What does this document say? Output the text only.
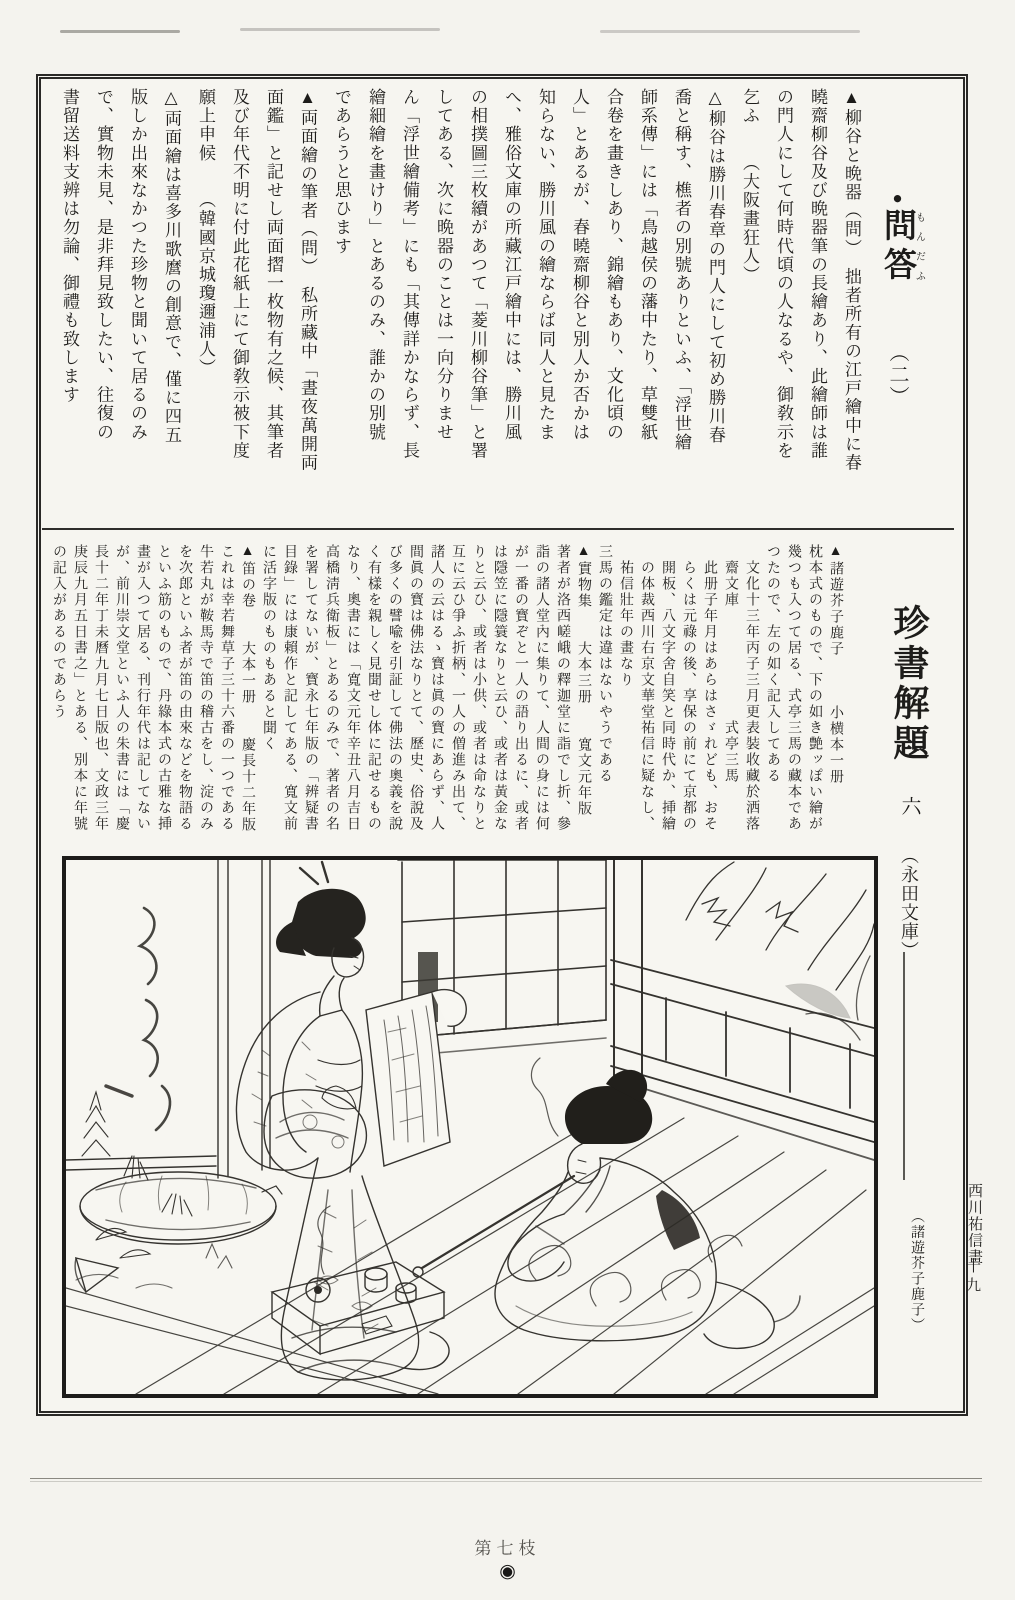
●問答もんだふ（二）

▲柳谷と晩器（問）　拙者所有の江戸繪中に春

曉齋柳谷及び晩器筆の長繪あり、此繪師は誰

の門人にして何時代頃の人なるや、御敎示を

乞ふ　　（大阪畫狂人）

△柳谷は勝川春章の門人にして初め勝川春

喬と稱す、樵者の別號ありといふ、「浮世繪

師系傳」には「鳥越侯の藩中たり、草雙紙

合卷を畫きしあり、錦繪もあり、文化頃の

人」とあるが、春曉齋柳谷と別人か否かは

知らない、勝川風の繪ならば同人と見たま

へ、雅俗文庫の所藏江戸繪中には、勝川風

の相撲圖三枚續があつて「菱川柳谷筆」と署

してある、次に晩器のことは一向分りませ

ん「浮世繪備考」にも「其傳詳かならず、長

繪細繪を畫けり」とあるのみ、誰かの別號

であらうと思ひます

▲両面繪の筆者（問）　私所藏中「晝夜萬開両

面鑑」と記せし両面摺一枚物有之候、其筆者

及び年代不明に付此花紙上にて御敎示被下度

願上申候　　（韓國京城瓊邇浦人）

△両面繪は喜多川歌麿の創意で、僅に四五

版しか出來なかつた珍物と聞いて居るのみ

で、實物未見、是非拜見致したい、往復の

書留送料支辨は勿論、御禮も致します

珍書解題六（永田文庫）

▲諸遊芥子鹿子　　　小横本一册

枕本式のもので、下の如き艶ッぽい繪が

幾つも入つて居る、式亭三馬の藏本であ

つたので、左の如く記入してある

　文化十三年丙子三月更表裝收藏於洒落

　齋文庫　　　　　　　式亭三馬

　此册子年月はあらはさゞれども、おそ

　らくは元祿の後、享保の前にて京都の

　開板、八文字舍自笑と同時代か、挿繪

　の体裁西川右京文華堂祐信に疑なし、

　祐信壯年の畫なり

三馬の鑑定は違はないやうである

▲實物集　　大本三册　　寬文元年版

著者が洛西嵯峨の釋迦堂に詣でし折、參

詣の諸人堂內に集りて、人間の身には何

が一番の寳ぞと一人の語り出るに、或者

は隱笠に隱簑なりと云ひ、或者は黃金な

りと云ひ、或者は小供、或者は命なりと

互に云ひ爭ふ折柄、一人の僧進み出て、

諸人の云はるゝ寳は眞の寳にあらず、人

間眞の寳は佛法なりとて、歷史、俗說及

び多くの譬喩を引証して佛法の奧義を說

く有樣を親しく見聞せし体に記せるもの

なり、奧書には「寬文元年辛丑八月吉日

高橋淸兵衛板」とあるのみで、著者の名

を署してないが、寳永七年版の「辨疑書

目錄」には康賴作と記してある、寬文前

に活字版のものもあると聞く

▲笛の卷　　大本一册　　慶長十二年版

これは幸若舞草子三十六番の一つである

牛若丸が鞍馬寺で笛の稽古をし、淀のみ

を次郎といふ者が笛の由來などを物語る

といふ筋のもので、丹綠本式の古雅な挿

畫が入つて居る、刊行年代は記してない

が、前川崇文堂といふ人の朱書には「慶

長十二年丁未曆九月七日版也、文政三年

庚辰九月五日書之」とある、別本に年號

の記入があるのであらう

西川祐信畫

（諸遊芥子鹿子）	十九
第七枝
◉
